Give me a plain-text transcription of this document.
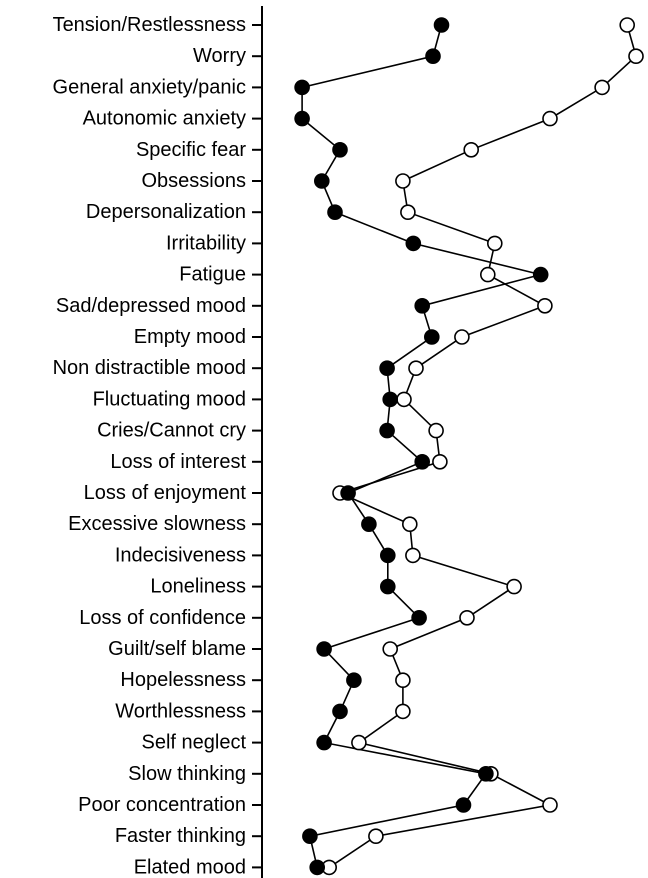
Tension/Restlessness
Worry
General anxiety/panic
Autonomic anxiety
Specific fear
Obsessions
Depersonalization
Irritability
Fatigue
Sad/depressed mood
Empty mood
Non distractible mood
Fluctuating mood
Cries/Cannot cry
Loss of interest
Loss of enjoyment
Excessive slowness
Indecisiveness
Loneliness
Loss of confidence
Guilt/self blame
Hopelessness
Worthlessness
Self neglect
Slow thinking
Poor concentration
Faster thinking
Elated mood
